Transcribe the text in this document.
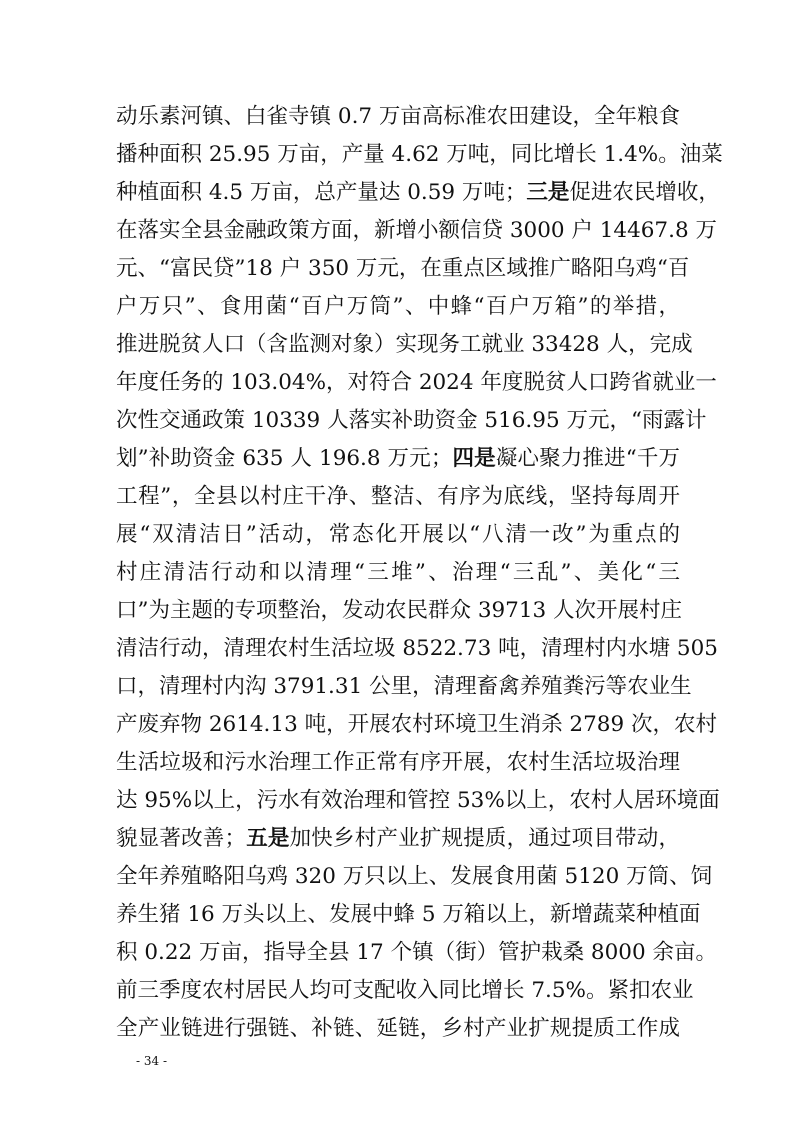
动乐素河镇、白雀寺镇 0.7 万亩高标准农田建设，全年粮食
播种面积 25.95 万亩，产量 4.62 万吨，同比增长 1.4%。油菜
种植面积 4.5 万亩，总产量达 0.59 万吨；三是促进农民增收，
在落实全县金融政策方面，新增小额信贷 3000 户 14467.8 万
元、“富民贷”18 户 350 万元，在重点区域推广略阳乌鸡“百
户万只”、食用菌“百户万筒”、中蜂“百户万箱”的举措，
推进脱贫人口（含监测对象）实现务工就业 33428 人，完成
年度任务的 103.04%，对符合 2024 年度脱贫人口跨省就业一
次性交通政策 10339 人落实补助资金 516.95 万元，“雨露计
划”补助资金 635 人 196.8 万元；四是凝心聚力推进“千万
工程”，全县以村庄干净、整洁、有序为底线，坚持每周开
展“双清洁日”活动，常态化开展以“八清一改”为重点的
村庄清洁行动和以清理“三堆”、治理“三乱”、美化“三
口”为主题的专项整治，发动农民群众 39713 人次开展村庄
清洁行动，清理农村生活垃圾 8522.73 吨，清理村内水塘 505
口，清理村内沟 3791.31 公里，清理畜禽养殖粪污等农业生
产废弃物 2614.13 吨，开展农村环境卫生消杀 2789 次，农村
生活垃圾和污水治理工作正常有序开展，农村生活垃圾治理
达 95%以上，污水有效治理和管控 53%以上，农村人居环境面
貌显著改善；五是加快乡村产业扩规提质，通过项目带动，
全年养殖略阳乌鸡 320 万只以上、发展食用菌 5120 万筒、饲
养生猪 16 万头以上、发展中蜂 5 万箱以上，新增蔬菜种植面
积 0.22 万亩，指导全县 17 个镇（街）管护栽桑 8000 余亩。
前三季度农村居民人均可支配收入同比增长 7.5%。紧扣农业
全产业链进行强链、补链、延链，乡村产业扩规提质工作成
- 34 -
